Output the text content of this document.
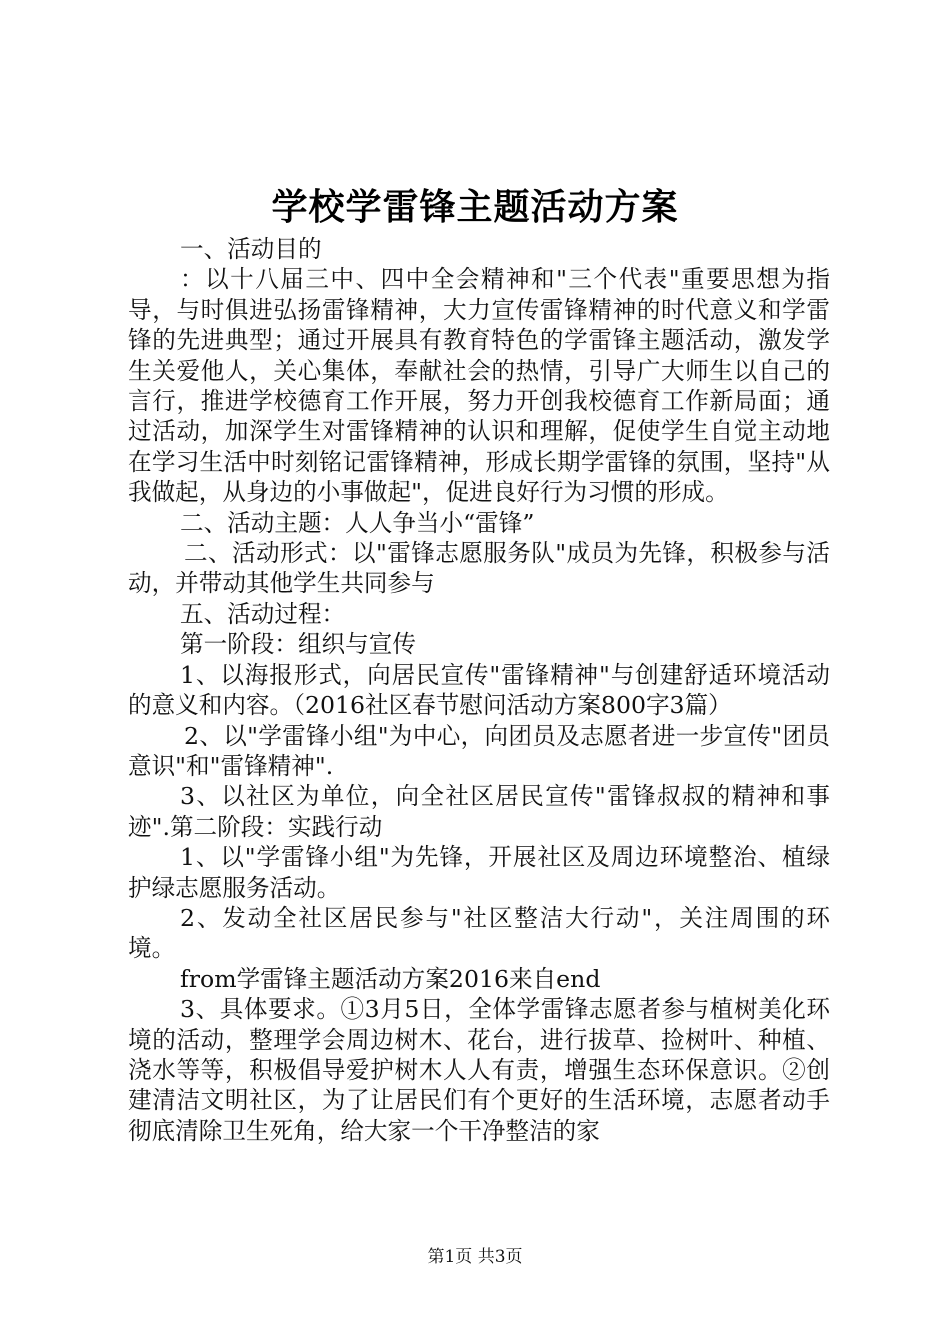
学校学雷锋主题活动方案

一、活动目的

：以十八届三中、四中全会精神和"三个代表"重要思想为指导，与时俱进弘扬雷锋精神，大力宣传雷锋精神的时代意义和学雷锋的先进典型；通过开展具有教育特色的学雷锋主题活动，激发学生关爱他人，关心集体，奉献社会的热情，引导广大师生以自己的言行，推进学校德育工作开展，努力开创我校德育工作新局面；通过活动，加深学生对雷锋精神的认识和理解，促使学生自觉主动地在学习生活中时刻铭记雷锋精神，形成长期学雷锋的氛围，坚持"从我做起，从身边的小事做起"，促进良好行为习惯的形成。

二、活动主题：人人争当小“雷锋”

二、活动形式：以"雷锋志愿服务队"成员为先锋，积极参与活动，并带动其他学生共同参与

五、活动过程：

第一阶段：组织与宣传

1、以海报形式，向居民宣传"雷锋精神"与创建舒适环境活动的意义和内容。（2016社区春节慰问活动方案800字3篇）

2、以"学雷锋小组"为中心，向团员及志愿者进一步宣传"团员意识"和"雷锋精神".

3、以社区为单位，向全社区居民宣传"雷锋叔叔的精神和事迹".第二阶段：实践行动

1、以"学雷锋小组"为先锋，开展社区及周边环境整治、植绿护绿志愿服务活动。

2、发动全社区居民参与"社区整洁大行动"，关注周围的环境。

from学雷锋主题活动方案2016来自end

3、具体要求。①3月5日，全体学雷锋志愿者参与植树美化环境的活动，整理学会周边树木、花台，进行拔草、捡树叶、种植、浇水等等，积极倡导爱护树木人人有责，增强生态环保意识。②创建清洁文明社区，为了让居民们有个更好的生活环境，志愿者动手彻底清除卫生死角，给大家一个干净整洁的家

第1页 共3页
